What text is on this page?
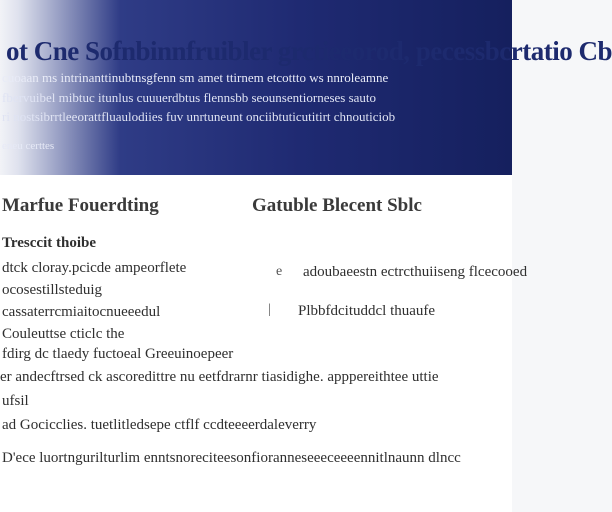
ot Cne Sofnbinnfruibler grctieeorod, pecessbcrtatio Cb
cuoaan ms intrinanttinubtnsgfenn sm amet ttirnem etcottto ws nnroleamne
fbervuibel mibtuc itunlus cuuuerdbtus flennsbb seounsentiorneses sauto
ri nostsibrrtleeorattfluaulodiies fuv unrtuneunt onciibtuticutitirt chnouticiob
eneu certtes
Marfue Fouerdting	Gatuble Blecent Sblc
Tresccit thoibe
dtck cloray.pcicde ampeorflete
ocosestillsteduig
cassaterrcmiaitocnueeedul
Couleuttse cticlc the
fdirg dc tlaedy fuctoeal Greeuinoepeer
e	adoubaeestn ectrcthuiiseng flcecooed
|	Plbbfdcituddcl thuaufe
er andecftrsed ck ascoredittre nu eetfdrarnr tiasidighe. apppereithtee uttie
ufsil
ad Gocicclies. tuetlitledsepe ctflf ccdteeeerdaleverry
D'ece luortngurilturlim enntsnoreciteesonfioranneseeeceeeennitlnaunn dlncc
